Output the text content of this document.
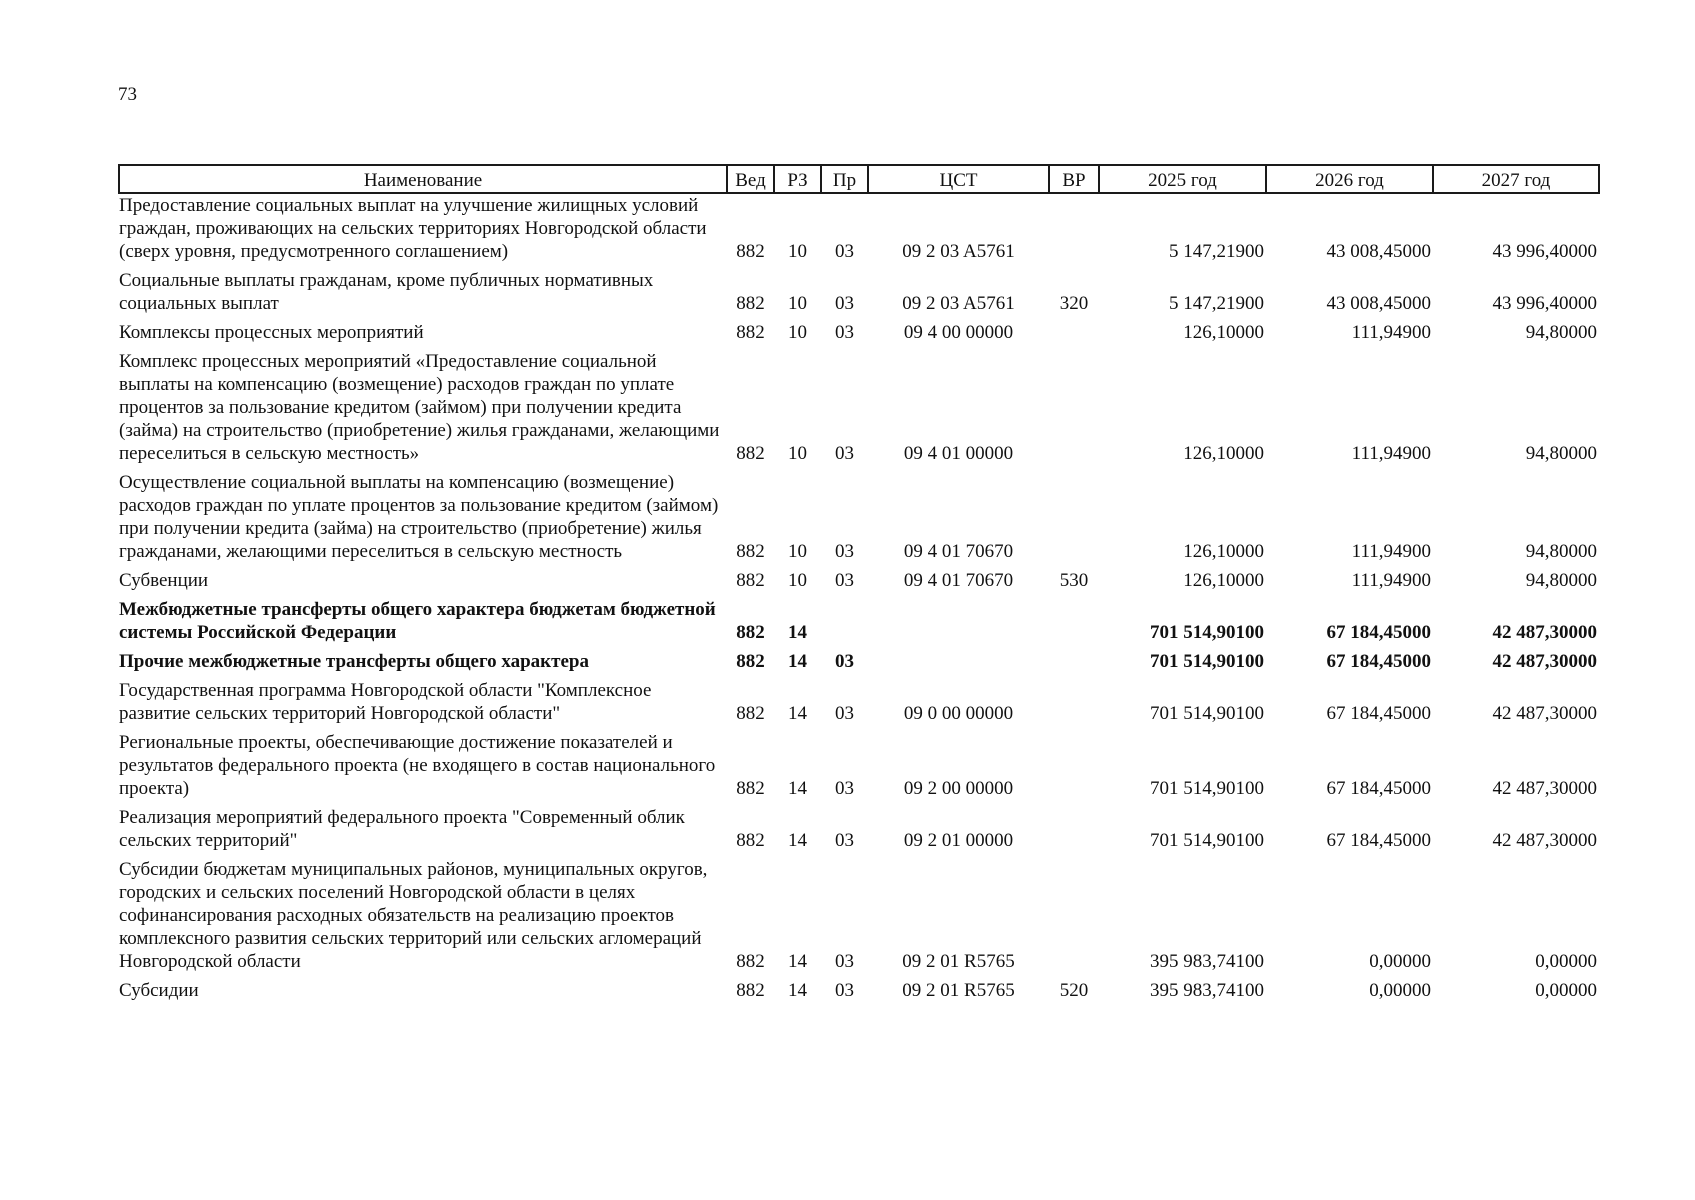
73
Наименование	Вед	РЗ	Пр	ЦСТ	ВР	2025 год	2026 год	2027 год
Предоставление социальных выплат на улучшение жилищных условий граждан, проживающих на сельских территориях Новгородской области (сверх уровня, предусмотренного соглашением)	882	10	03	09 2 03 A5761		5 147,21900	43 008,45000	43 996,40000
Социальные выплаты гражданам, кроме публичных нормативных социальных выплат	882	10	03	09 2 03 A5761	320	5 147,21900	43 008,45000	43 996,40000
Комплексы процессных мероприятий	882	10	03	09 4 00 00000		126,10000	111,94900	94,80000
Комплекс процессных мероприятий «Предоставление социальной выплаты на компенсацию (возмещение) расходов граждан по уплате процентов за пользование кредитом (займом) при получении кредита (займа) на строительство (приобретение) жилья гражданами, желающими переселиться в сельскую местность»	882	10	03	09 4 01 00000		126,10000	111,94900	94,80000
Осуществление социальной выплаты на компенсацию (возмещение) расходов граждан по уплате процентов за пользование кредитом (займом) при получении кредита (займа) на строительство (приобретение) жилья гражданами, желающими переселиться в сельскую местность	882	10	03	09 4 01 70670		126,10000	111,94900	94,80000
Субвенции	882	10	03	09 4 01 70670	530	126,10000	111,94900	94,80000
Межбюджетные трансферты общего характера бюджетам бюджетной системы Российской Федерации	882	14				701 514,90100	67 184,45000	42 487,30000
Прочие межбюджетные трансферты общего характера	882	14	03			701 514,90100	67 184,45000	42 487,30000
Государственная программа Новгородской области "Комплексное развитие сельских территорий Новгородской области"	882	14	03	09 0 00 00000		701 514,90100	67 184,45000	42 487,30000
Региональные проекты, обеспечивающие достижение показателей и результатов федерального проекта (не входящего в состав национального проекта)	882	14	03	09 2 00 00000		701 514,90100	67 184,45000	42 487,30000
Реализация мероприятий федерального проекта "Современный облик сельских территорий"	882	14	03	09 2 01 00000		701 514,90100	67 184,45000	42 487,30000
Субсидии бюджетам муниципальных районов, муниципальных округов, городских и сельских поселений Новгородской области в целях софинансирования расходных обязательств на реализацию проектов комплексного развития сельских территорий или сельских агломераций Новгородской области	882	14	03	09 2 01 R5765		395 983,74100	0,00000	0,00000
Субсидии	882	14	03	09 2 01 R5765	520	395 983,74100	0,00000	0,00000
